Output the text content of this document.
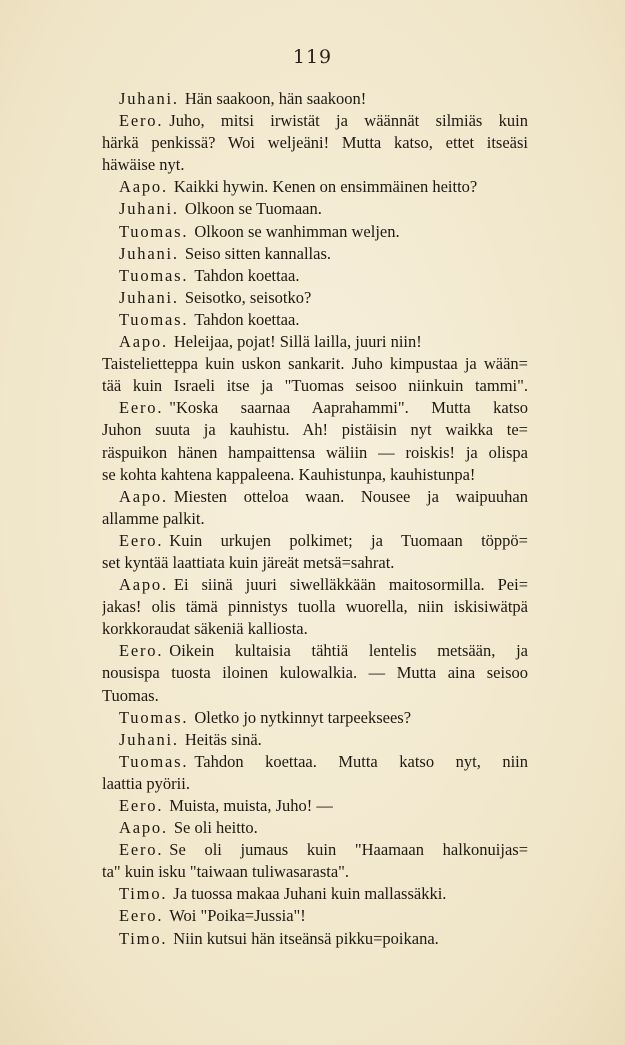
119
Juhani. Hän saakoon, hän saakoon!
Eero. Juho, mitsi irwistät ja wäännät silmiäs kuin
härkä penkissä? Woi weljeäni! Mutta katso, ettet itseäsi
häwäise nyt.
Aapo. Kaikki hywin. Kenen on ensimmäinen heitto?
Juhani. Olkoon se Tuomaan.
Tuomas. Olkoon se wanhimman weljen.
Juhani. Seiso sitten kannallas.
Tuomas. Tahdon koettaa.
Juhani. Seisotko, seisotko?
Tuomas. Tahdon koettaa.
Aapo. Heleijaa, pojat! Sillä lailla, juuri niin!
Taistelietteppa kuin uskon sankarit. Juho kimpustaa ja wään=
tää kuin Israeli itse ja "Tuomas seisoo niinkuin tammi".
Eero. "Koska saarnaa Aaprahammi". Mutta katso
Juhon suuta ja kauhistu. Ah! pistäisin nyt waikka te=
räspuikon hänen hampaittensa wäliin — roiskis! ja olispa
se kohta kahtena kappaleena. Kauhistunpa, kauhistunpa!
Aapo. Miesten otteloa waan. Nousee ja waipuuhan
allamme palkit.
Eero. Kuin urkujen polkimet; ja Tuomaan töppö=
set kyntää laattiata kuin järeät metsä=sahrat.
Aapo. Ei siinä juuri siwelläkkään maitosormilla. Pei=
jakas! olis tämä pinnistys tuolla wuorella, niin iskisiwätpä
korkkoraudat säkeniä kalliosta.
Eero. Oikein kultaisia tähtiä lentelis metsään, ja
nousispa tuosta iloinen kulowalkia. — Mutta aina seisoo
Tuomas.
Tuomas. Oletko jo nytkinnyt tarpeeksees?
Juhani. Heitäs sinä.
Tuomas. Tahdon koettaa. Mutta katso nyt, niin
laattia pyörii.
Eero. Muista, muista, Juho! —
Aapo. Se oli heitto.
Eero. Se oli jumaus kuin "Haamaan halkonuijas=
ta" kuin isku "taiwaan tuliwasarasta".
Timo. Ja tuossa makaa Juhani kuin mallassäkki.
Eero. Woi "Poika=Jussia"!
Timo. Niin kutsui hän itseänsä pikku=poikana.
